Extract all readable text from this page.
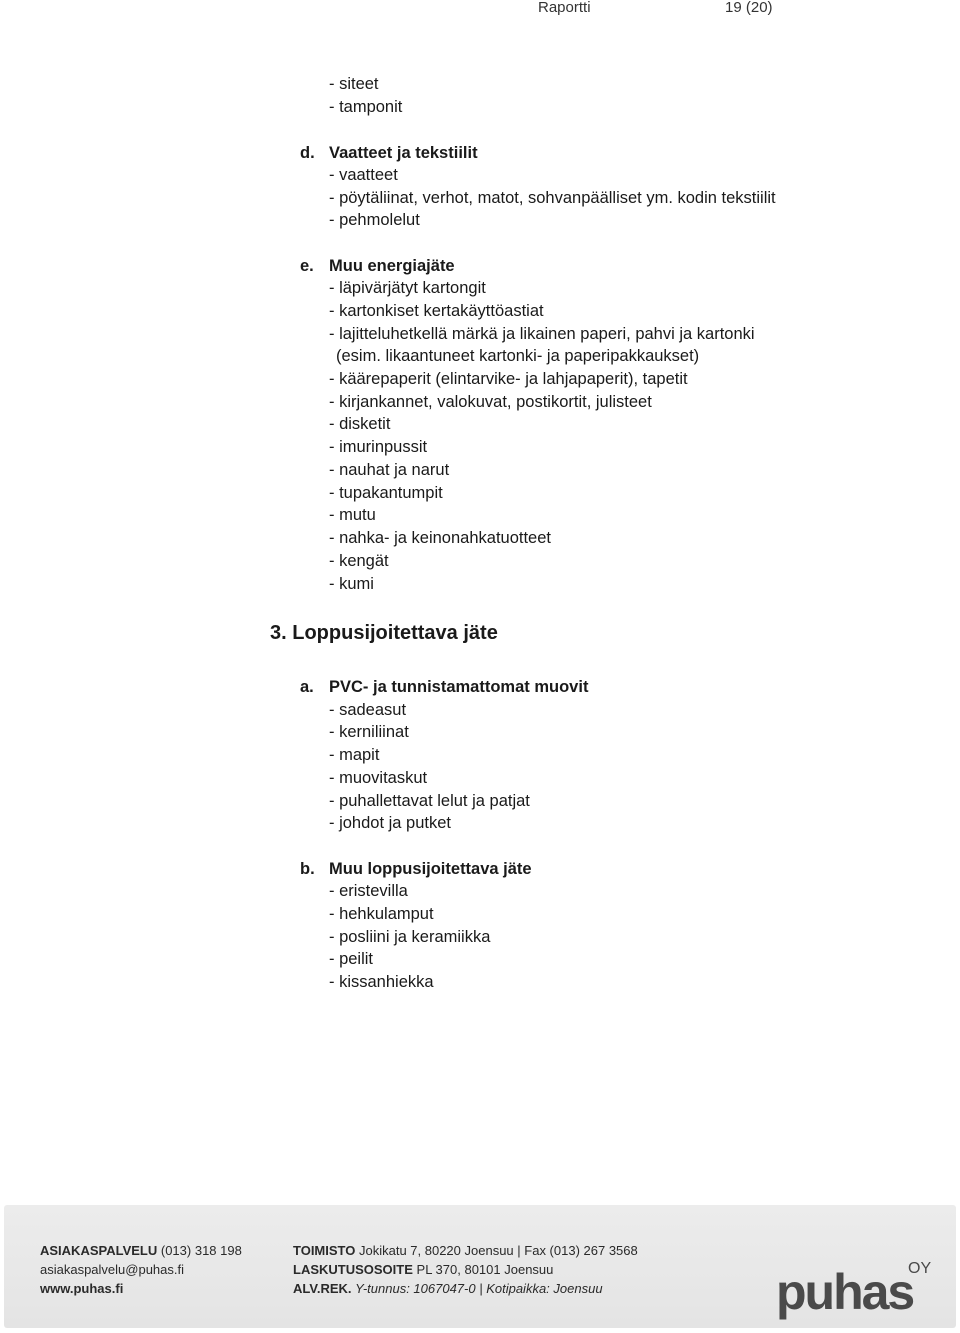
Raportti	19 (20)
- siteet
- tamponit
d. Vaatteet ja tekstiilit
- vaatteet
- pöytäliinat, verhot, matot, sohvanpäälliset ym. kodin tekstiilit
- pehmolelut
e. Muu energiajäte
- läpivärjätyt kartongit
- kartonkiset kertakäyttöastiat
- lajitteluhetkellä märkä ja likainen paperi, pahvi ja kartonki
(esim. likaantuneet kartonki- ja paperipakkaukset)
- käärepaperit (elintarvike- ja lahjapaperit), tapetit
- kirjankannet, valokuvat, postikortit, julisteet
- disketit
- imurinpussit
- nauhat ja narut
- tupakantumpit
- mutu
- nahka- ja keinonahkatuotteet
- kengät
- kumi
3. Loppusijoitettava jäte
a. PVC- ja tunnistamattomat muovit
- sadeasut
- kerniliinat
- mapit
- muovitaskut
- puhallettavat lelut ja patjat
- johdot ja putket
b. Muu loppusijoitettava jäte
- eristevilla
- hehkulamput
- posliini ja keramiikka
- peilit
- kissanhiekka
ASIAKASPALVELU (013) 318 198
asiakaspalvelu@puhas.fi
www.puhas.fi
TOIMISTO Jokikatu 7, 80220 Joensuu | Fax (013) 267 3568
LASKUTUSOSOITE PL 370, 80101 Joensuu
ALV.REK. Y-tunnus: 1067047-0 | Kotipaikka: Joensuu	puhas
OY
